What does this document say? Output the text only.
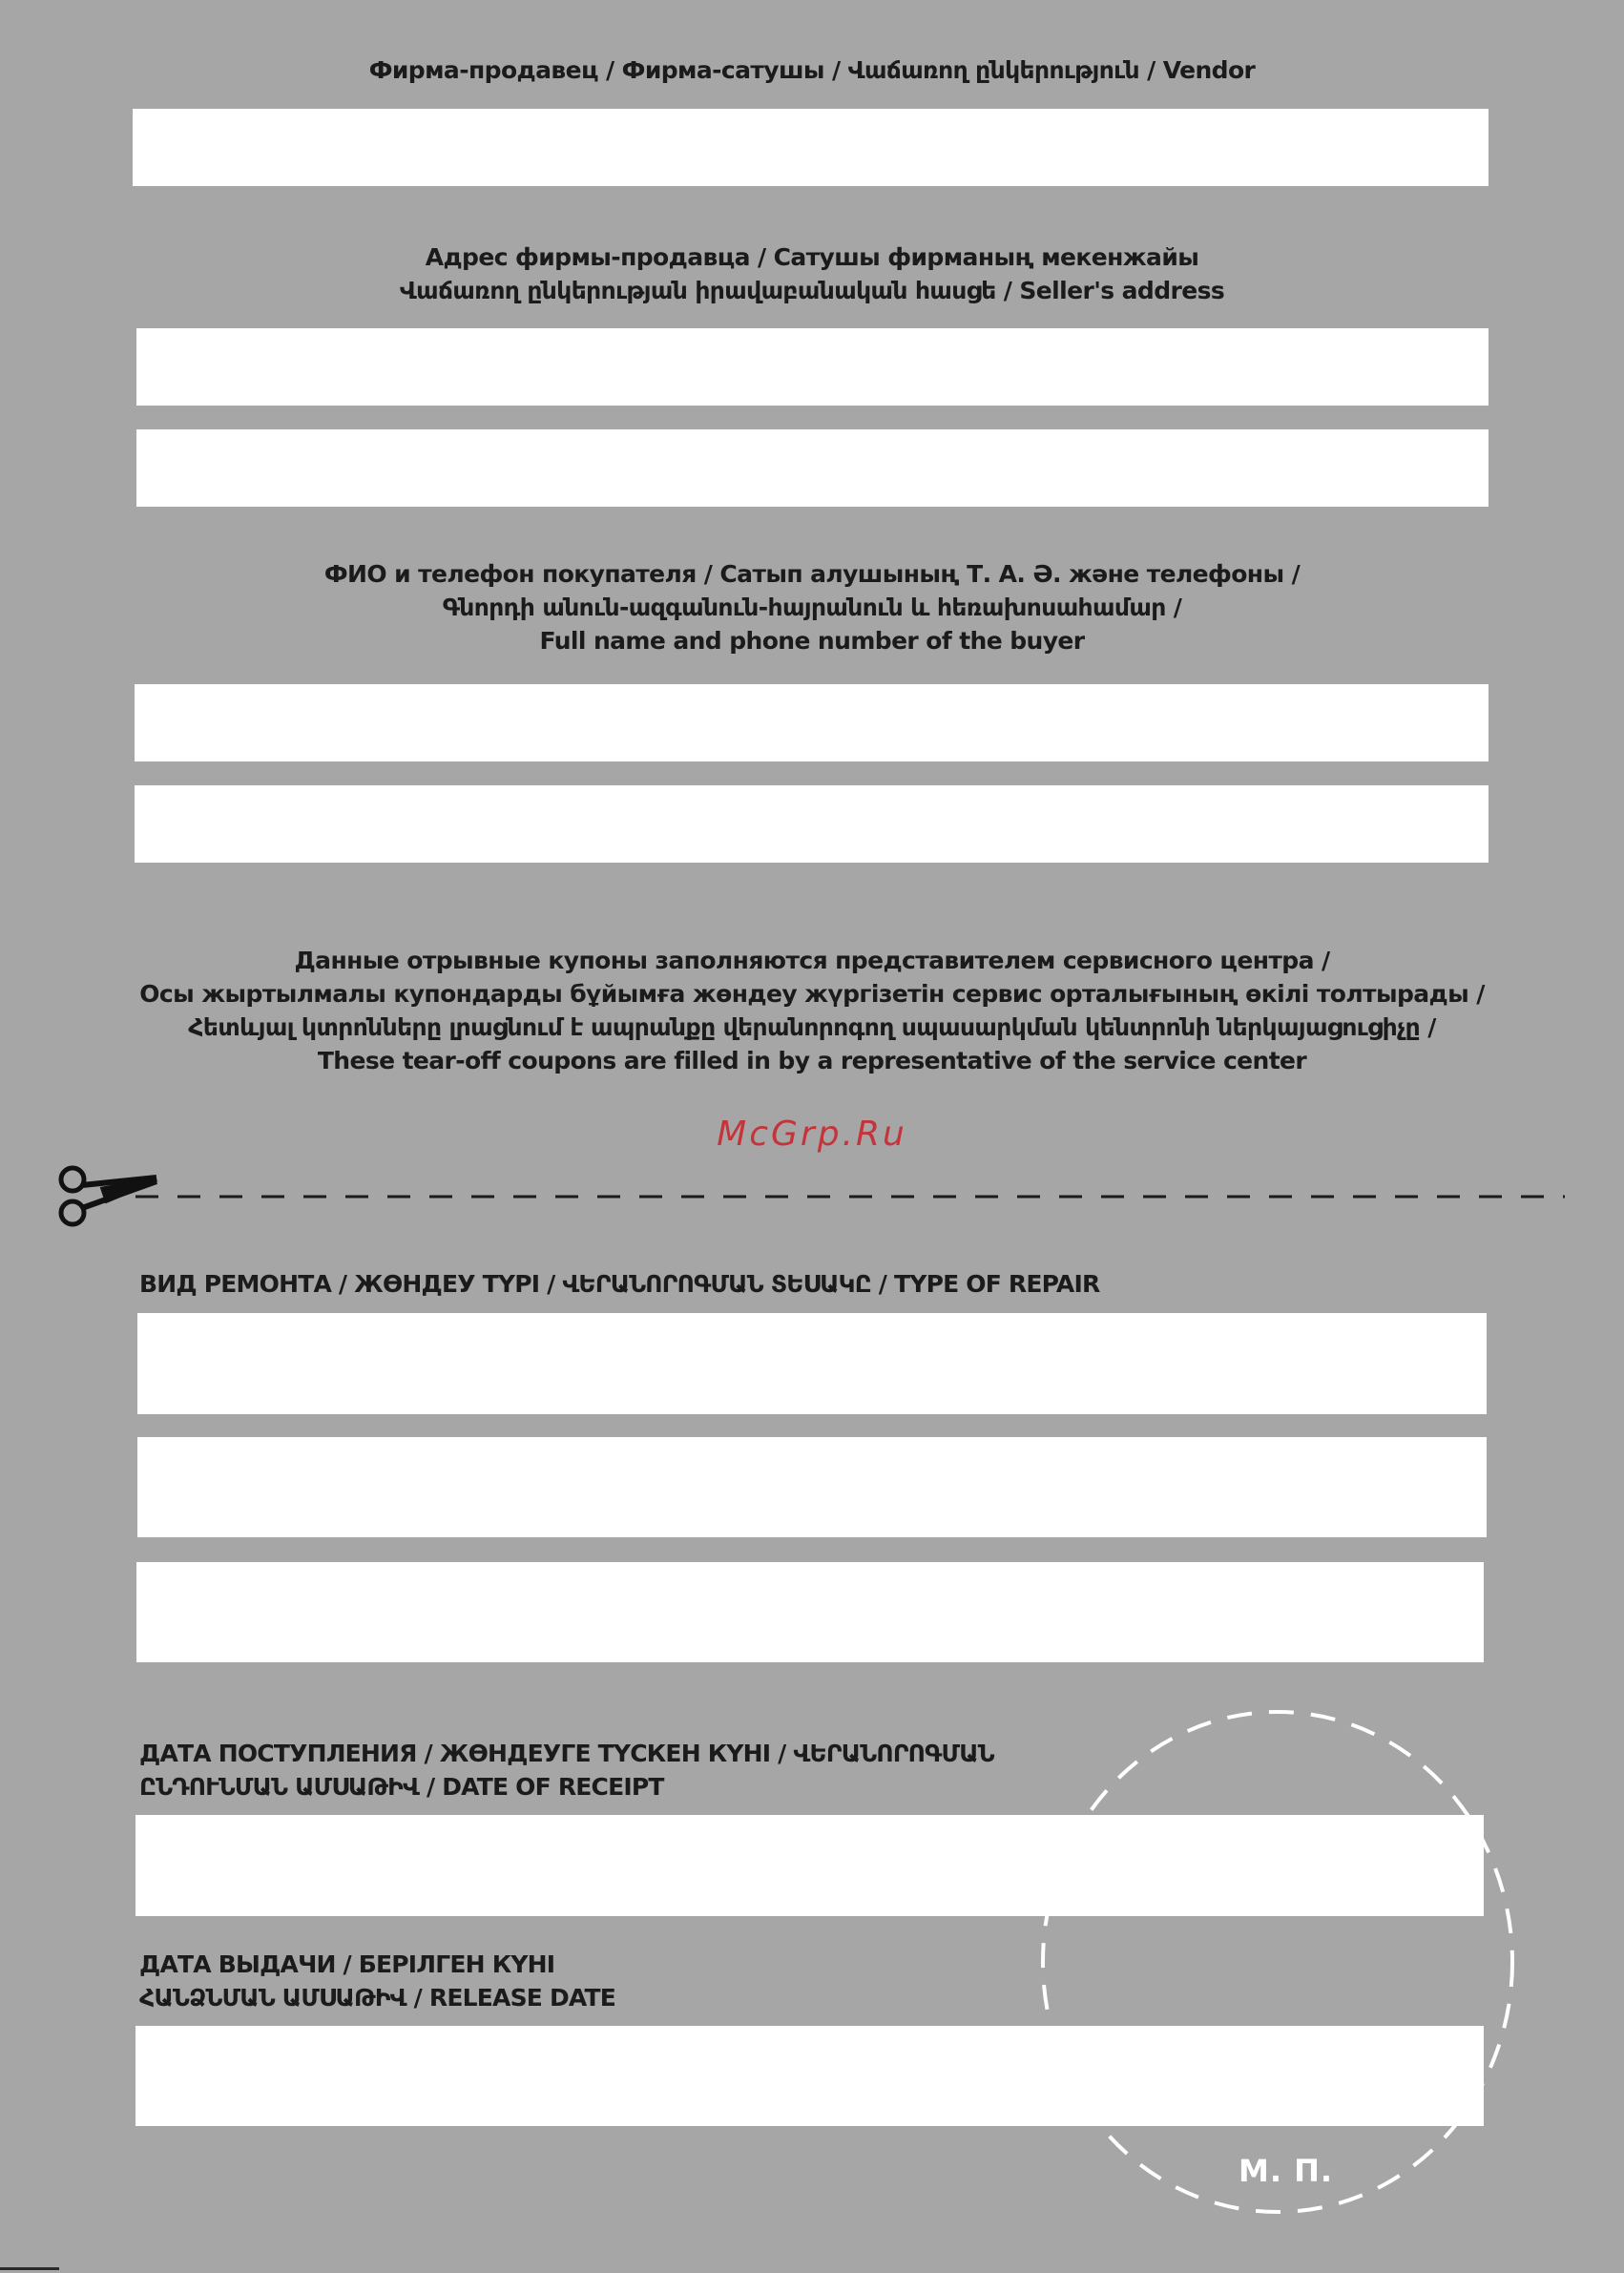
Фирма-продавец / Фирма-сатушы / Վաճառող ընկերություն / Vendor
Адрес фирмы-продавца / Сатушы фирманың мекенжайы
Վաճառող ընկերության իրավաբանական հասցե / Seller's address
ФИО и телефон покупателя / Сатып алушының Т. А. Ә. және телефоны /
Գնորդի անուն-ազգանուն-հայրանուն և հեռախոսահամար /
Full name and phone number of the buyer
Данные отрывные купоны заполняются представителем сервисного центра /
Осы жыртылмалы купондарды бұйымға жөндеу жүргізетін сервис орталығының өкілі толтырады /
Հետևյալ կտրոնները լրացնում է ապրանքը վերանորոգող սպասարկման կենտրոնի ներկայացուցիչը /
These tear-off coupons are filled in by a representative of the service center
McGrp.Ru
ВИД РЕМОНТА / ЖӨНДЕУ ТҮРІ / ՎԵՐԱՆՈՐՈԳՄԱՆ ՏԵՍԱԿԸ / TYPE OF REPAIR
ДАТА ПОСТУПЛЕНИЯ / ЖӨНДЕУГЕ ТҮСКЕН КҮНІ / ՎԵՐԱՆՈՐՈԳՄԱՆ
ԸՆԴՈՒՆՄԱՆ ԱՄՍԱԹԻՎ / DATE OF RECEIPT
ДАТА ВЫДАЧИ / БЕРІЛГЕН КҮНІ
ՀԱՆՁՆՄԱՆ ԱՄՍԱԹԻՎ / RELEASE DATE
М. П.
